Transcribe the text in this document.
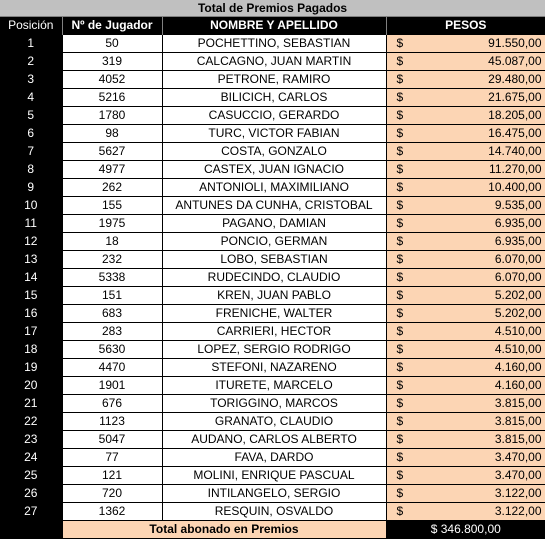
Total de Premios Pagados			
Posición	Nº de Jugador	NOMBRE Y APELLIDO	PESOS
1	50	POCHETTINO, SEBASTIAN	$ 91.550,00

2	319	CALCAGNO, JUAN MARTIN	$ 45.087,00

3	4052	PETRONE, RAMIRO	$ 29.480,00

4	5216	BILICICH, CARLOS	$ 21.675,00

5	1780	CASUCCIO, GERARDO	$ 18.205,00

6	98	TURC, VICTOR FABIAN	$ 16.475,00

7	5627	COSTA, GONZALO	$ 14.740,00

8	4977	CASTEX, JUAN IGNACIO	$ 11.270,00

9	262	ANTONIOLI, MAXIMILIANO	$ 10.400,00

10	155	ANTUNES DA CUNHA, CRISTOBAL	$ 9.535,00

11	1975	PAGANO, DAMIAN	$ 6.935,00

12	18	PONCIO, GERMAN	$ 6.935,00

13	232	LOBO, SEBASTIAN	$ 6.070,00

14	5338	RUDECINDO, CLAUDIO	$ 6.070,00

15	151	KREN, JUAN PABLO	$ 5.202,00

16	683	FRENICHE, WALTER	$ 5.202,00

17	283	CARRIERI, HECTOR	$ 4.510,00

18	5630	LOPEZ, SERGIO RODRIGO	$ 4.510,00

19	4470	STEFONI, NAZARENO	$ 4.160,00

20	1901	ITURETE, MARCELO	$ 4.160,00

21	676	TORIGGINO, MARCOS	$ 3.815,00

22	1123	GRANATO, CLAUDIO	$ 3.815,00

23	5047	AUDANO, CARLOS ALBERTO	$ 3.815,00

24	77	FAVA, DARDO	$ 3.470,00

25	121	MOLINI, ENRIQUE PASCUAL	$ 3.470,00

26	720	INTILANGELO, SERGIO	$ 3.122,00

27	1362	RESQUIN, OSVALDO	$ 3.122,00

	Total abonado en Premios		$ 346.800,00
